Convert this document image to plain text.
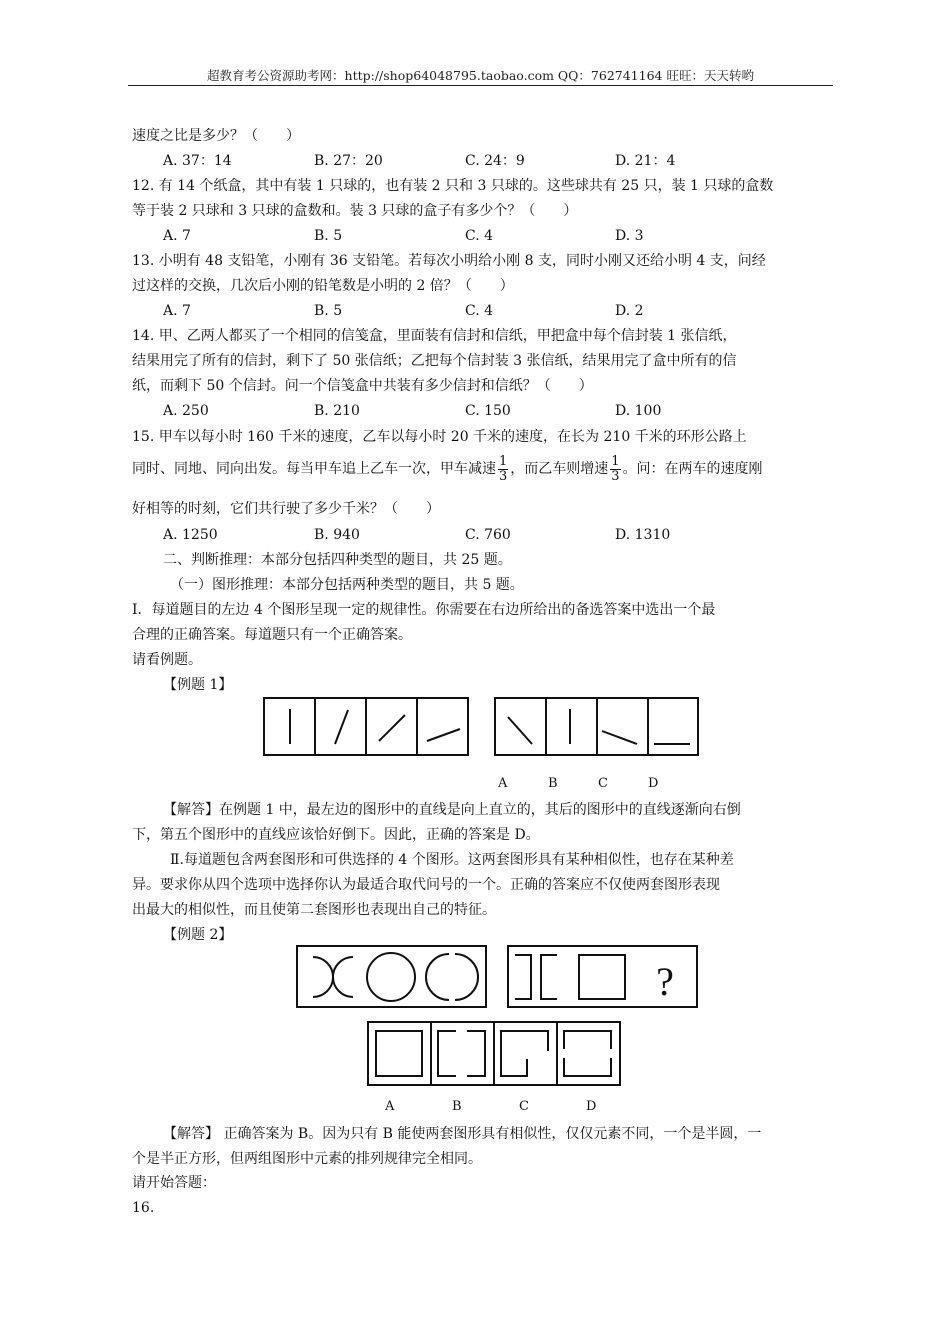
超教育考公资源助考网：http://shop64048795.taobao.com QQ：762741164 旺旺：天天转哟
速度之比是多少？（　　）
A. 37：14	B. 27：20	C. 24：9	D. 21：4
12. 有 14 个纸盒，其中有装 1 只球的，也有装 2 只和 3 只球的。这些球共有 25 只，装 1 只球的盒数
等于装 2 只球和 3 只球的盒数和。装 3 只球的盒子有多少个？（　　）
A. 7	B. 5	C. 4	D. 3
13. 小明有 48 支铅笔，小刚有 36 支铅笔。若每次小明给小刚 8 支，同时小刚又还给小明 4 支，问经
过这样的交换，几次后小刚的铅笔数是小明的 2 倍？（　　）
A. 7	B. 5	C. 4	D. 2
14. 甲、乙两人都买了一个相同的信笺盒，里面装有信封和信纸，甲把盒中每个信封装 1 张信纸，
结果用完了所有的信封，剩下了 50 张信纸；乙把每个信封装 3 张信纸，结果用完了盒中所有的信
纸，而剩下 50 个信封。问一个信笺盒中共装有多少信封和信纸？（　　）
A. 250	B. 210	C. 150	D. 100
15. 甲车以每小时 160 千米的速度，乙车以每小时 20 千米的速度，在长为 210 千米的环形公路上
同时、同地、同向出发。每当甲车追上乙车一次，甲车减速 $\frac{1}{3}$ ，而乙车则增速 $\frac{1}{3}$ 。问：在两车的速度刚
好相等的时刻，它们共行驶了多少千米？（　　）
A. 1250	B. 940	C. 760	D. 1310
二、判断推理：本部分包括四种类型的题目，共 25 题。
（一）图形推理：本部分包括两种类型的题目，共 5 题。
Ⅰ．每道题目的左边 4 个图形呈现一定的规律性。你需要在右边所给出的备选答案中选出一个最
合理的正确答案。每道题只有一个正确答案。
请看例题。
【例题 1】
A	B	C	D
【解答】在例题 1 中，最左边的图形中的直线是向上直立的，其后的图形中的直线逐渐向右倒
下，第五个图形中的直线应该恰好倒下。因此，正确的答案是 D。
Ⅱ.每道题包含两套图形和可供选择的 4 个图形。这两套图形具有某种相似性，也存在某种差
异。要求你从四个选项中选择你认为最适合取代问号的一个。正确的答案应不仅使两套图形表现
出最大的相似性，而且使第二套图形也表现出自己的特征。
【例题 2】
?
A	B	C	D
【解答】 正确答案为 B。因为只有 B 能使两套图形具有相似性，仅仅元素不同，一个是半圆，一
个是半正方形，但两组图形中元素的排列规律完全相同。
请开始答题：
16.
